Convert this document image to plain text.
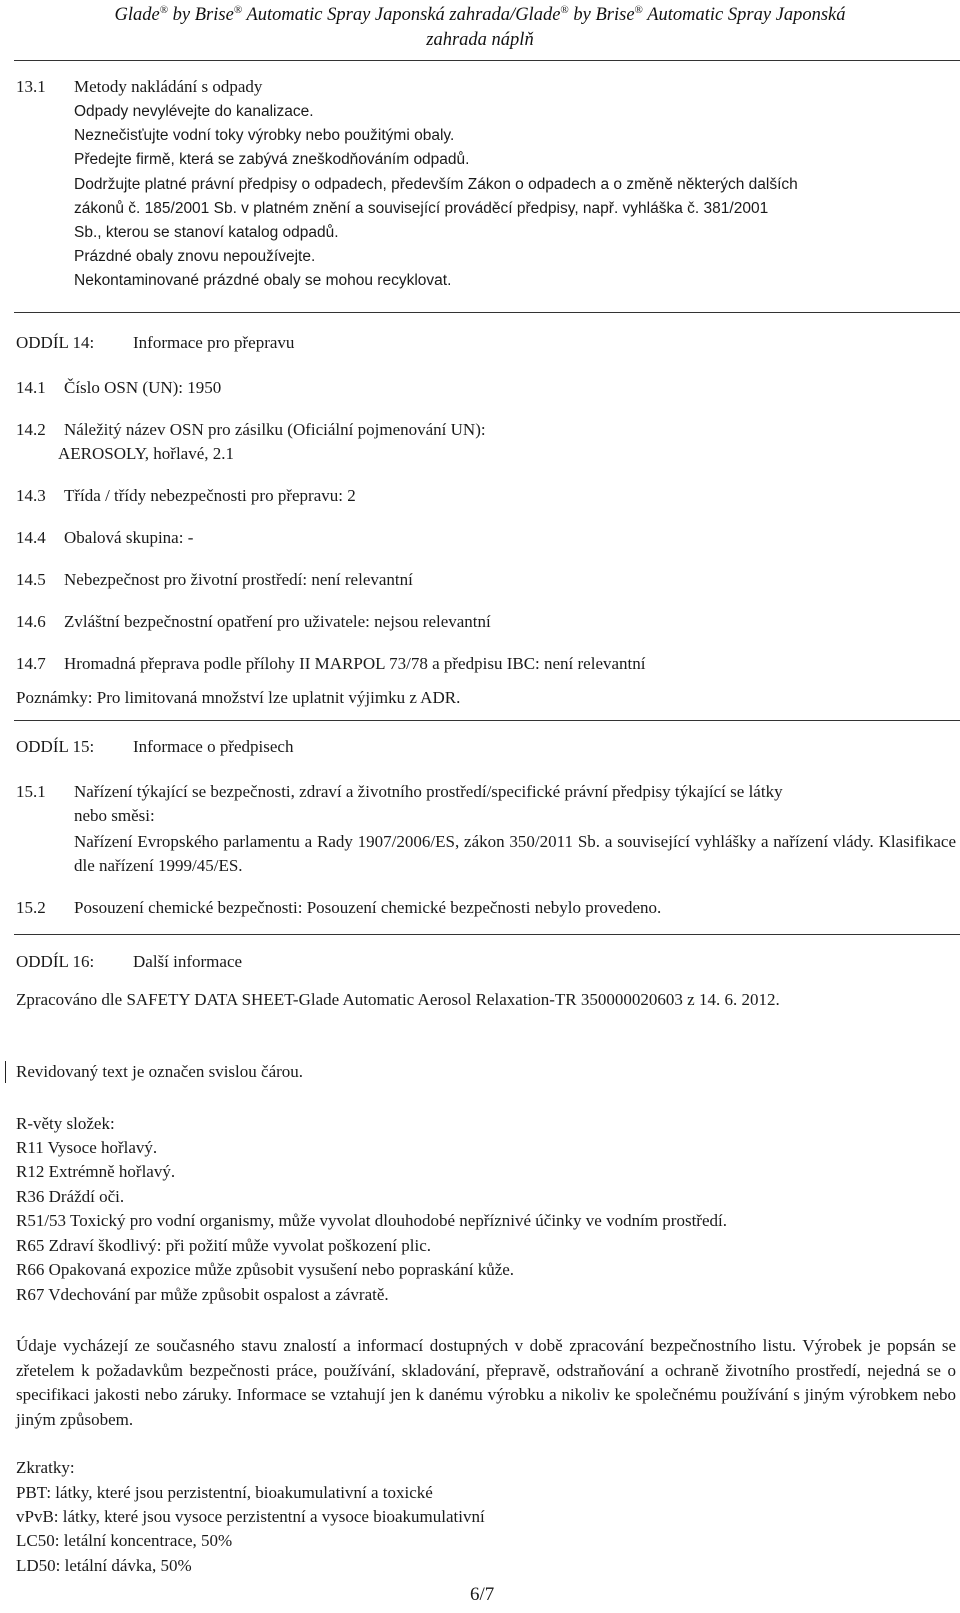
Glade® by Brise® Automatic Spray Japonská zahrada/Glade® by Brise® Automatic Spray Japonská
zahrada náplň
13.1 Metody nakládání s odpady
Odpady nevylévejte do kanalizace.
Neznečisťujte vodní toky výrobky nebo použitými obaly.
Předejte firmě, která se zabývá zneškodňováním odpadů.
Dodržujte platné právní předpisy o odpadech, především Zákon o odpadech a o změně některých dalších
zákonů č. 185/2001 Sb. v platném znění a související prováděcí předpisy, např. vyhláška č. 381/2001
Sb., kterou se stanoví katalog odpadů.
Prázdné obaly znovu nepoužívejte.
Nekontaminované prázdné obaly se mohou recyklovat.
ODDÍL 14: Informace pro přepravu
14.1 Číslo OSN (UN): 1950
14.2 Náležitý název OSN pro zásilku (Oficiální pojmenování UN):
AEROSOLY, hořlavé, 2.1
14.3 Třída / třídy nebezpečnosti pro přepravu: 2
14.4 Obalová skupina: -
14.5 Nebezpečnost pro životní prostředí: není relevantní
14.6 Zvláštní bezpečnostní opatření pro uživatele: nejsou relevantní
14.7 Hromadná přeprava podle přílohy II MARPOL 73/78 a předpisu IBC: není relevantní
Poznámky: Pro limitovaná množství lze uplatnit výjimku z ADR.
ODDÍL 15: Informace o předpisech
15.1 Nařízení týkající se bezpečnosti, zdraví a životního prostředí/specifické právní předpisy týkající se látky
nebo směsi:
Nařízení Evropského parlamentu a Rady 1907/2006/ES, zákon 350/2011 Sb. a související vyhlášky a nařízení vlády. Klasifikace dle nařízení 1999/45/ES.
15.2 Posouzení chemické bezpečnosti: Posouzení chemické bezpečnosti nebylo provedeno.
ODDÍL 16: Další informace
Zpracováno dle SAFETY DATA SHEET-Glade Automatic Aerosol Relaxation-TR 350000020603 z 14. 6. 2012.
Revidovaný text je označen svislou čárou.
R-věty složek:
R11 Vysoce hořlavý.
R12 Extrémně hořlavý.
R36 Dráždí oči.
R51/53 Toxický pro vodní organismy, může vyvolat dlouhodobé nepříznivé účinky ve vodním prostředí.
R65 Zdraví škodlivý: při požití může vyvolat poškození plic.
R66 Opakovaná expozice může způsobit vysušení nebo popraskání kůže.
R67 Vdechování par může způsobit ospalost a závratě.
Údaje vycházejí ze současného stavu znalostí a informací dostupných v době zpracování bezpečnostního listu. Výrobek je popsán se zřetelem k požadavkům bezpečnosti práce, používání, skladování, přepravě, odstraňování a ochraně životního prostředí, nejedná se o specifikaci jakosti nebo záruky. Informace se vztahují jen k danému výrobku a nikoliv ke společnému používání s jiným výrobkem nebo jiným způsobem.
Zkratky:
PBT: látky, které jsou perzistentní, bioakumulativní a toxické
vPvB: látky, které jsou vysoce perzistentní a vysoce bioakumulativní
LC50: letální koncentrace, 50%
LD50: letální dávka, 50%
6/7
